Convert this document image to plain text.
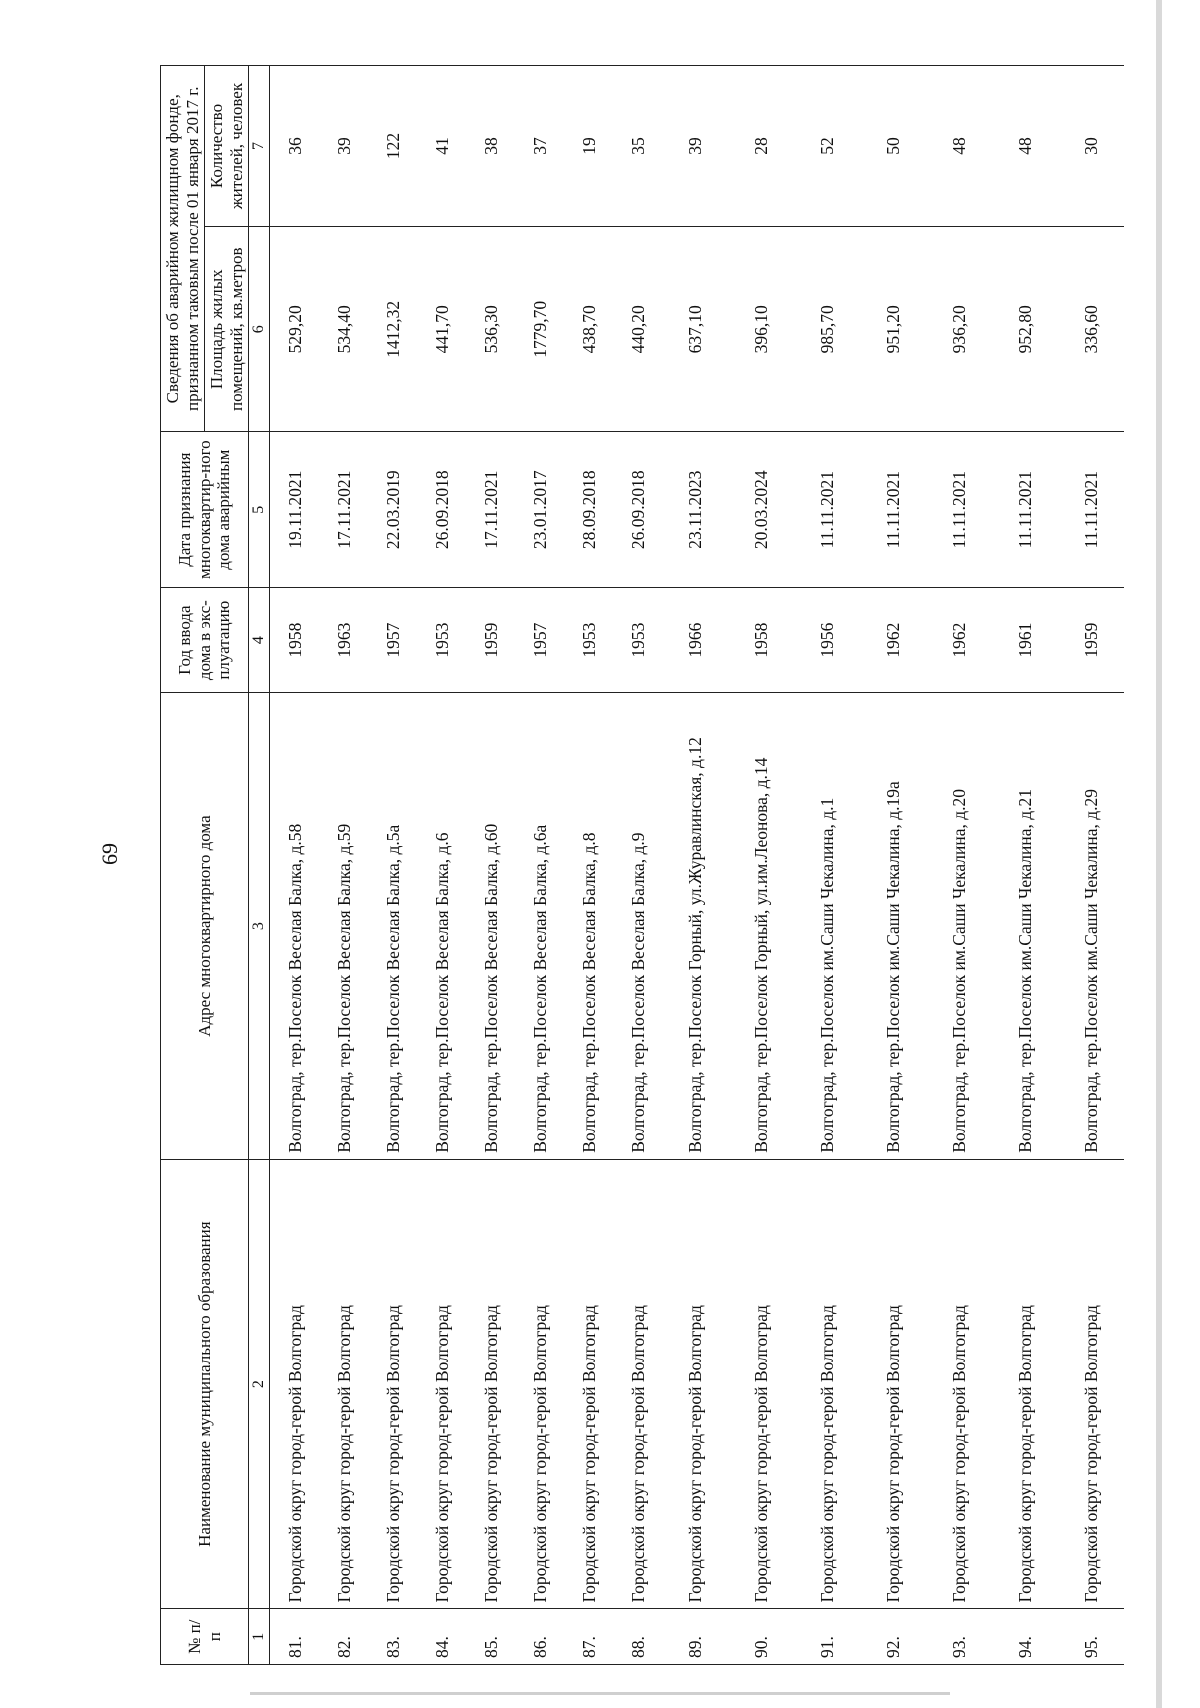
69
№ п/п	Наименование муниципального образования	Адрес многоквартирного дома	Год ввода дома в экс-плуатацию	Дата признания многоквартир-ного дома аварийным	Сведения об аварийном жилищном фонде, признанном таковым после 01 января 2017 г.	
					Площадь жилых помещений, кв.метров	Количество жителей, человек
1	2	3	4	5	6	7
81.	Городской округ город-герой Волгоград	Волгоград, тер.Поселок Веселая Балка, д.58	1958	19.11.2021	529,20	36
82.	Городской округ город-герой Волгоград	Волгоград, тер.Поселок Веселая Балка, д.59	1963	17.11.2021	534,40	39
83.	Городской округ город-герой Волгоград	Волгоград, тер.Поселок Веселая Балка, д.5а	1957	22.03.2019	1412,32	122
84.	Городской округ город-герой Волгоград	Волгоград, тер.Поселок Веселая Балка, д.6	1953	26.09.2018	441,70	41
85.	Городской округ город-герой Волгоград	Волгоград, тер.Поселок Веселая Балка, д.60	1959	17.11.2021	536,30	38
86.	Городской округ город-герой Волгоград	Волгоград, тер.Поселок Веселая Балка, д.6а	1957	23.01.2017	1779,70	37
87.	Городской округ город-герой Волгоград	Волгоград, тер.Поселок Веселая Балка, д.8	1953	28.09.2018	438,70	19
88.	Городской округ город-герой Волгоград	Волгоград, тер.Поселок Веселая Балка, д.9	1953	26.09.2018	440,20	35
89.	Городской округ город-герой Волгоград	Волгоград, тер.Поселок Горный, ул.Журавлинская, д.12	1966	23.11.2023	637,10	39
90.	Городской округ город-герой Волгоград	Волгоград, тер.Поселок Горный, ул.им.Леонова, д.14	1958	20.03.2024	396,10	28
91.	Городской округ город-герой Волгоград	Волгоград, тер.Поселок им.Саши Чекалина, д.1	1956	11.11.2021	985,70	52
92.	Городской округ город-герой Волгоград	Волгоград, тер.Поселок им.Саши Чекалина, д.19а	1962	11.11.2021	951,20	50
93.	Городской округ город-герой Волгоград	Волгоград, тер.Поселок им.Саши Чекалина, д.20	1962	11.11.2021	936,20	48
94.	Городской округ город-герой Волгоград	Волгоград, тер.Поселок им.Саши Чекалина, д.21	1961	11.11.2021	952,80	48
95.	Городской округ город-герой Волгоград	Волгоград, тер.Поселок им.Саши Чекалина, д.29	1959	11.11.2021	336,60	30
